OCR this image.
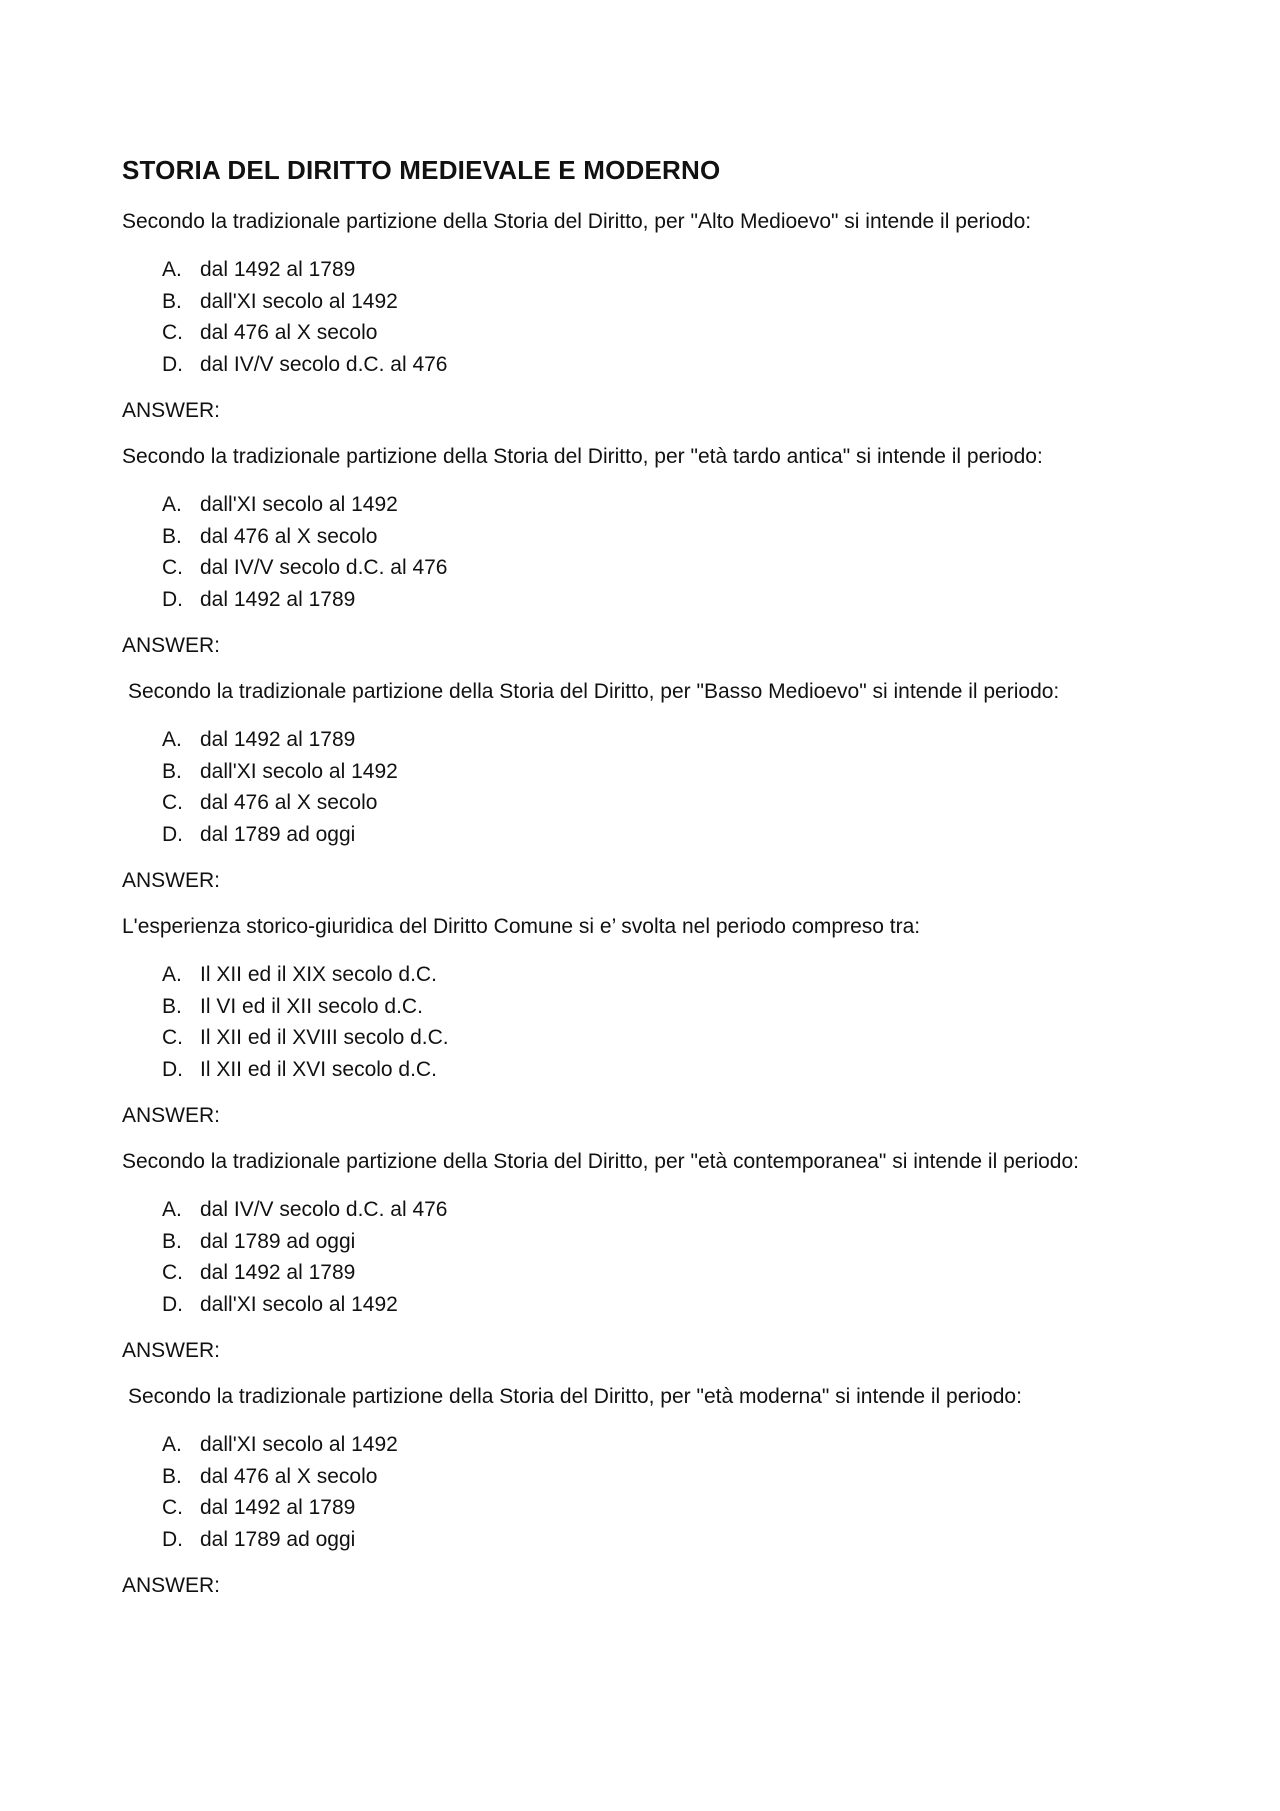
STORIA DEL DIRITTO MEDIEVALE E MODERNO

Secondo la tradizionale partizione della Storia del Diritto, per "Alto Medioevo" si intende il periodo:

A. dal 1492 al 1789
B. dall'XI secolo al 1492
C. dal 476 al X secolo
D. dal IV/V secolo d.C. al 476

ANSWER:

Secondo la tradizionale partizione della Storia del Diritto, per "età tardo antica" si intende il periodo:

A. dall'XI secolo al 1492
B. dal 476 al X secolo
C. dal IV/V secolo d.C. al 476
D. dal 1492 al 1789

ANSWER:

Secondo la tradizionale partizione della Storia del Diritto, per "Basso Medioevo" si intende il periodo:

A. dal 1492 al 1789
B. dall'XI secolo al 1492
C. dal 476 al X secolo
D. dal 1789 ad oggi

ANSWER:

L'esperienza storico-giuridica del Diritto Comune si e’ svolta nel periodo compreso tra:

A. Il XII ed il XIX secolo d.C.
B. Il VI ed il XII secolo d.C.
C. Il XII ed il XVIII secolo d.C.
D. Il XII ed il XVI secolo d.C.

ANSWER:

Secondo la tradizionale partizione della Storia del Diritto, per "età contemporanea" si intende il periodo:

A. dal IV/V secolo d.C. al 476
B. dal 1789 ad oggi
C. dal 1492 al 1789
D. dall'XI secolo al 1492

ANSWER:

Secondo la tradizionale partizione della Storia del Diritto, per "età moderna" si intende il periodo:

A. dall'XI secolo al 1492
B. dal 476 al X secolo
C. dal 1492 al 1789
D. dal 1789 ad oggi

ANSWER:
